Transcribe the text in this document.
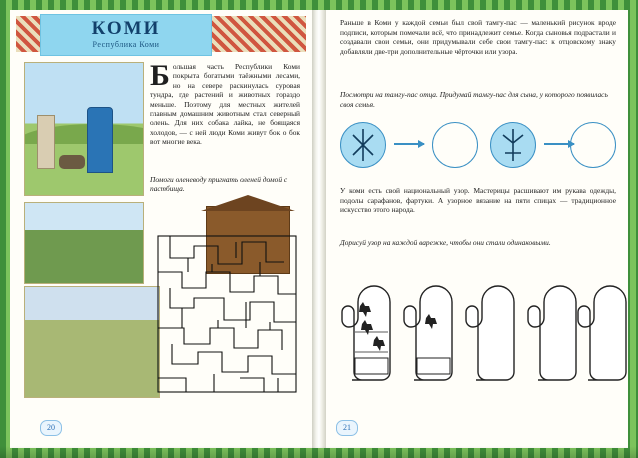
КОМИ
Республика Коми
Большая часть Республики Коми покрыта богатыми таёжными лесами, но на севере раскинулась суровая тундра, где растений и животных гораздо меньше. Поэтому для местных жителей главным домашним животным стал северный олень. Для них собака лайка, не боящаяся холодов, — с ней люди Коми живут бок о бок вот многие века.
Помоги оленеводу пригнать оленей домой с пастбища.
20
Раньше в Коми у каждой семьи был свой тамгу-пас — маленький рисунок вроде подписи, которым помечали всё, что принадлежит семье. Когда сыновья подрастали и создавали свои семьи, они придумывали себе свои тамгу-пас: к отцовскому знаку добавляли две-три дополнительные чёрточки или узора.
Посмотри на тамгу-пас отца. Придумай тамгу-пас для сына, у которого появилась своя семья.
У коми есть свой национальный узор. Мастерицы расшивают им рукава одежды, подолы сарафанов, фартуки. А узорное вязание на пяти спицах — традиционное искусство этого народа.
Дорисуй узор на каждой варежке, чтобы они стали одинаковыми.
21
